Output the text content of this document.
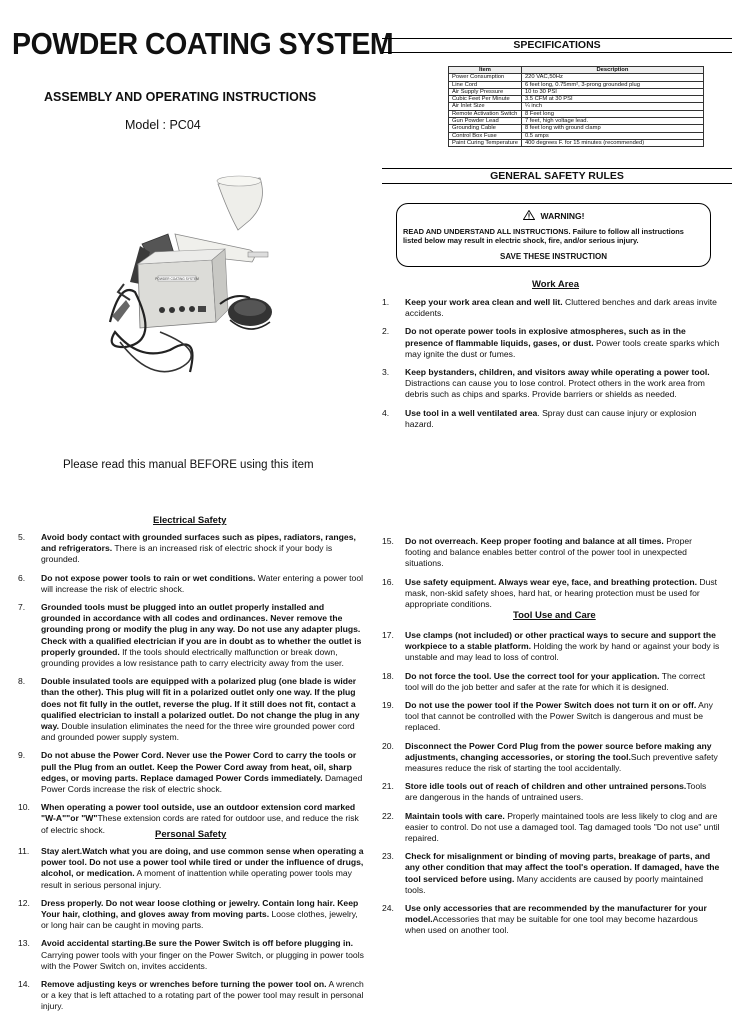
POWDER COATING SYSTEM
ASSEMBLY AND OPERATING INSTRUCTIONS
Model : PC04
POWDER COATING SYSTEM
Please read this manual BEFORE using this item
SPECIFICATIONS
Item	Description
Power Consumption	220 VAC,50Hz
Line Cord	6 feet long, 0.75mm², 3-prong grounded plug
Air Supply Pressure	10 to 30 PSI
Cubic Feet Per Minute	3.5 CFM at 30 PSI
Air Inlet Size	¼ inch
Remote Activation Switch	8 Feet long
Gun Powder Lead	7 feet, high voltage lead.
Grounding Cable	8 feet long with ground clamp
Control Box Fuse	0.5 amps
Paint Curing Temperature	400 degrees F. for 15 minutes (recommended)
GENERAL SAFETY RULES
WARNING!
READ AND UNDERSTAND ALL INSTRUCTIONS. Failure to follow all instructions listed below may result in electric shock, fire, and/or serious injury.
SAVE THESE INSTRUCTION
Work Area
1. Keep your work area clean and well lit. Cluttered benches and dark areas invite accidents.
2. Do not operate power tools in explosive atmospheres, such as in the presence of flammable liquids, gases, or dust. Power tools create sparks which may ignite the dust or fumes.
3. Keep bystanders, children, and visitors away while operating a power tool. Distractions can cause you to lose control. Protect others in the work area from debris such as chips and sparks. Provide barriers or shields as needed.
4. Use tool in a well ventilated area. Spray dust can cause injury or explosion hazard.
Electrical Safety
5. Avoid body contact with grounded surfaces such as pipes, radiators, ranges, and refrigerators. There is an increased risk of electric shock if your body is grounded.
6. Do not expose power tools to rain or wet conditions. Water entering a power tool will increase the risk of electric shock.
7. Grounded tools must be plugged into an outlet properly installed and grounded in accordance with all codes and ordinances. Never remove the grounding prong or modify the plug in any way. Do not use any adapter plugs. Check with a qualified electrician if you are in doubt as to whether the outlet is properly grounded. If the tools should electrically malfunction or break down, grounding provides a low resistance path to carry electricity away from the user.
8. Double insulated tools are equipped with a polarized plug (one blade is wider than the other). This plug will fit in a polarized outlet only one way. If the plug does not fit fully in the outlet, reverse the plug. If it still does not fit, contact a qualified electrician to install a polarized outlet. Do not change the plug in any way. Double insulation eliminates the need for the three wire grounded power cord and grounded power supply system.
9. Do not abuse the Power Cord. Never use the Power Cord to carry the tools or pull the Plug from an outlet. Keep the Power Cord away from heat, oil, sharp edges, or moving parts. Replace damaged Power Cords immediately. Damaged Power Cords increase the risk of electric shock.
10. When operating a power tool outside, use an outdoor extension cord marked "W-A""or "W"These extension cords are rated for outdoor use, and reduce the risk of electric shock.	Personal Safety
11. Stay alert.Watch what you are doing, and use common sense when operating a power tool. Do not use a power tool while tired or under the influence of drugs, alcohol, or medication. A moment of inattention while operating power tools may result in serious personal injury.
12. Dress properly. Do not wear loose clothing or jewelry. Contain long hair. Keep Your hair, clothing, and gloves away from moving parts. Loose clothes, jewelry, or long hair can be caught in moving parts.
13. Avoid accidental starting.Be sure the Power Switch is off before plugging in. Carrying power tools with your finger on the Power Switch, or plugging in power tools with the Power Switch on, invites accidents.
14. Remove adjusting keys or wrenches before turning the power tool on. A wrench or a key that is left attached to a rotating part of the power tool may result in personal injury.
15. Do not overreach. Keep proper footing and balance at all times. Proper footing and balance enables better control of the power tool in unexpected situations.
16. Use safety equipment. Always wear eye, face, and breathing protection. Dust mask, non-skid safety shoes, hard hat, or hearing protection must be used for appropriate conditions.
Tool Use and Care
17. Use clamps (not included) or other practical ways to secure and support the workpiece to a stable platform. Holding the work by hand or against your body is unstable and may lead to loss of control.
18. Do not force the tool. Use the correct tool for your application. The correct tool will do the job better and safer at the rate for which it is designed.
19. Do not use the power tool if the Power Switch does not turn it on or off. Any tool that cannot be controlled with the Power Switch is dangerous and must be replaced.
20. Disconnect the Power Cord Plug from the power source before making any adjustments, changing accessories, or storing the tool.Such preventive safety measures reduce the risk of starting the tool accidentally.
21. Store idle tools out of reach of children and other untrained persons.Tools are dangerous in the hands of untrained users.
22. Maintain tools with care. Properly maintained tools are less likely to clog and are easier to control. Do not use a damaged tool. Tag damaged tools "Do not use" until repaired.
23. Check for misalignment or binding of moving parts, breakage of parts, and any other condition that may affect the tool's operation. If damaged, have the tool serviced before using. Many accidents are caused by poorly maintained tools.
24. Use only accessories that are recommended by the manufacturer for your model.Accessories that may be suitable for one tool may become hazardous when used on another tool.
